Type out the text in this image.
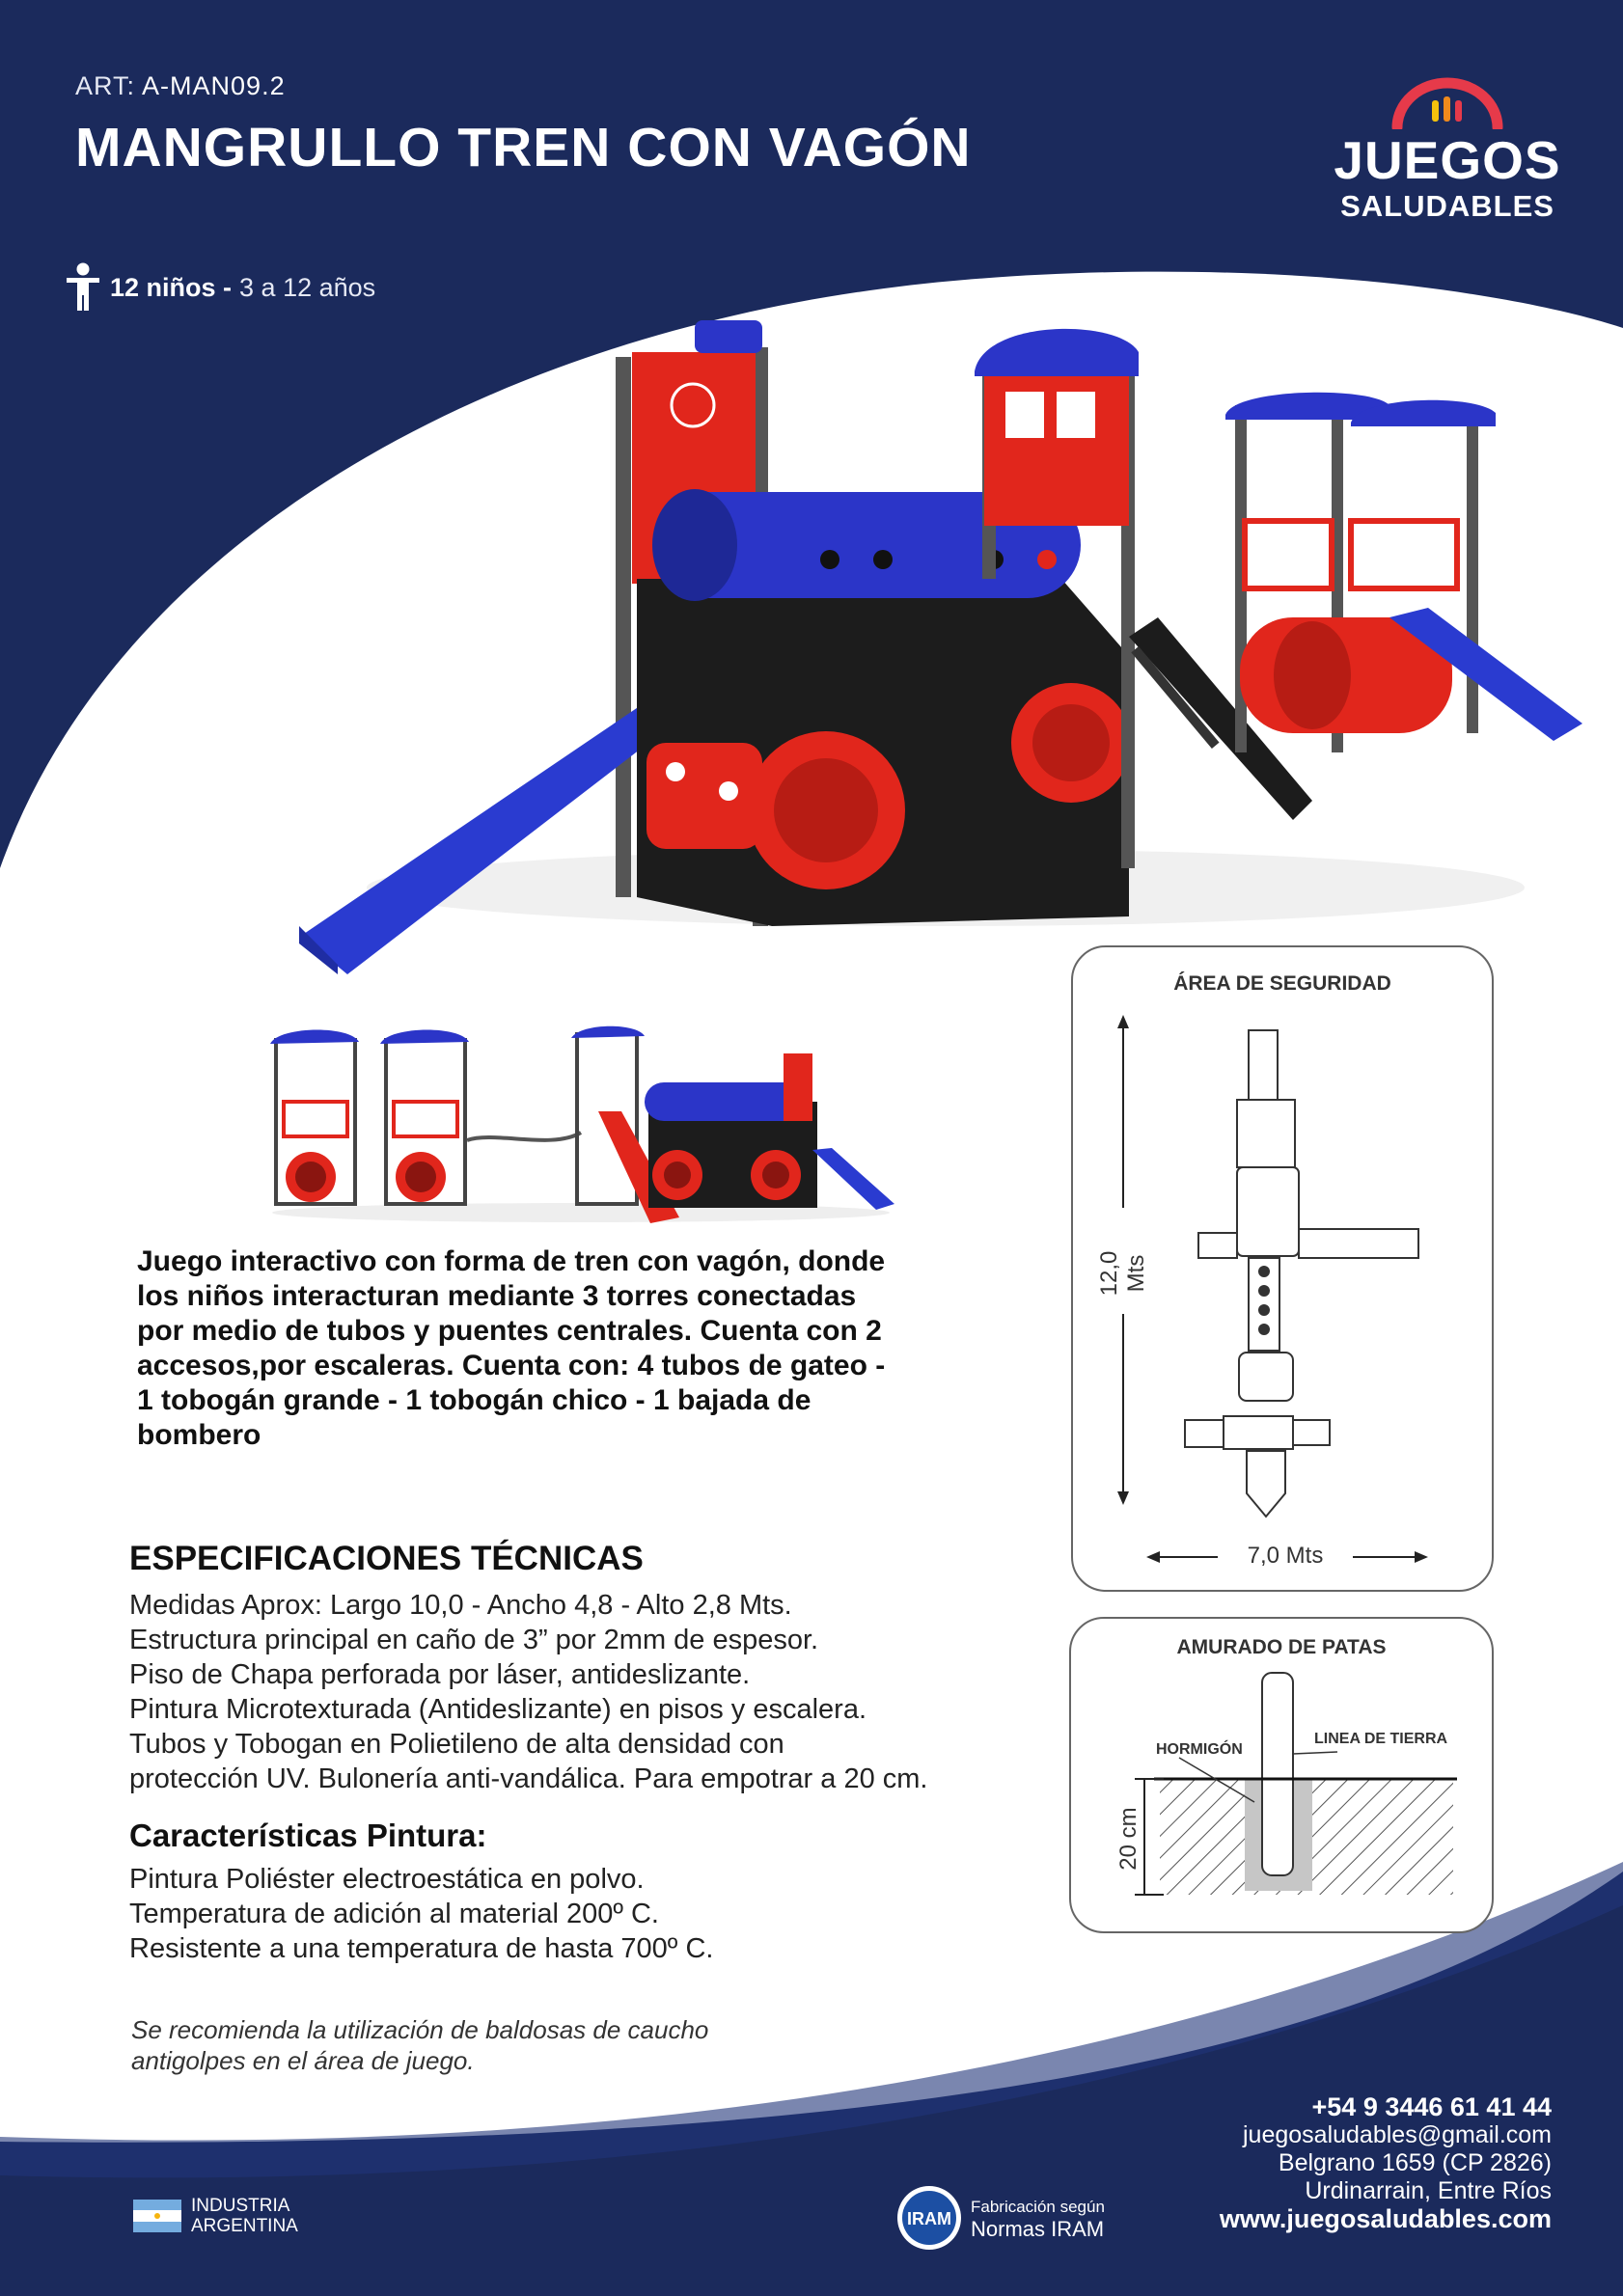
ART: A-MAN09.2
MANGRULLO TREN CON VAGÓN
12 niños - 3 a 12 años
JUEGOS
SALUDABLES
Juego interactivo con forma de tren con vagón, donde
los niños interacturan mediante 3 torres conectadas
por medio de tubos y puentes centrales. Cuenta con 2
accesos,por escaleras. Cuenta con: 4 tubos de gateo -
1 tobogán grande - 1 tobogán chico - 1 bajada de
bombero
ESPECIFICACIONES TÉCNICAS
Medidas Aprox: Largo 10,0 - Ancho 4,8 - Alto 2,8 Mts.
Estructura principal en caño de 3” por 2mm de espesor.
Piso de Chapa perforada por láser, antideslizante.
Pintura Microtexturada (Antideslizante) en pisos y escalera.
Tubos y Tobogan en Polietileno de alta densidad con
protección UV. Bulonería anti-vandálica. Para empotrar a 20 cm.
Características Pintura:
Pintura Poliéster electroestática en polvo.
Temperatura de adición al material 200º C.
Resistente a una temperatura de hasta 700º C.
Se recomienda la utilización de baldosas de caucho
antigolpes en el área de juego.
ÁREA DE SEGURIDAD
12,0 Mts
7,0 Mts
AMURADO DE PATAS
HORMIGÓN
LINEA DE TIERRA
20 cm
+54 9 3446 61 41 44
juegosaludables@gmail.com
Belgrano 1659 (CP 2826)
Urdinarrain, Entre Ríos
www.juegosaludables.com
INDUSTRIA
ARGENTINA	IRAM
Fabricación según
Normas IRAM
